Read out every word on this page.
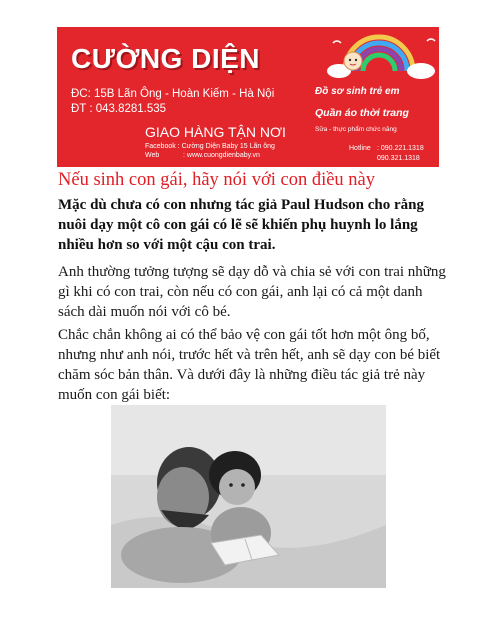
CƯỜNG DIỆN
ĐC: 15B Lãn Ông - Hoàn Kiếm - Hà Nội
ĐT : 043.8281.535
GIAO HÀNG TẬN NƠI
Facebook : Cường Diện Baby 15 Lãn ông
Web	: www.cuongdienbaby.vn
Đồ sơ sinh trẻ em
Quần áo thời trang
Sữa - thực phẩm chức năng
Hotline : 090.221.1318
090.321.1318
Nếu sinh con gái, hãy nói với con điều này
Mặc dù chưa có con nhưng tác giả Paul Hudson cho rằng nuôi dạy một cô con gái có lẽ sẽ khiến phụ huynh lo lắng nhiều hơn so với một cậu con trai.
Anh thường tưởng tượng sẽ dạy dỗ và chia sẻ với con trai những gì khi có con trai, còn nếu có con gái, anh lại có cả một danh sách dài muốn nói với cô bé.
Chắc chắn không ai có thể bảo vệ con gái tốt hơn một ông bố, nhưng như anh nói, trước hết và trên hết, anh sẽ dạy con bé biết chăm sóc bản thân. Và dưới đây là những điều tác giả trẻ này muốn con gái biết:
